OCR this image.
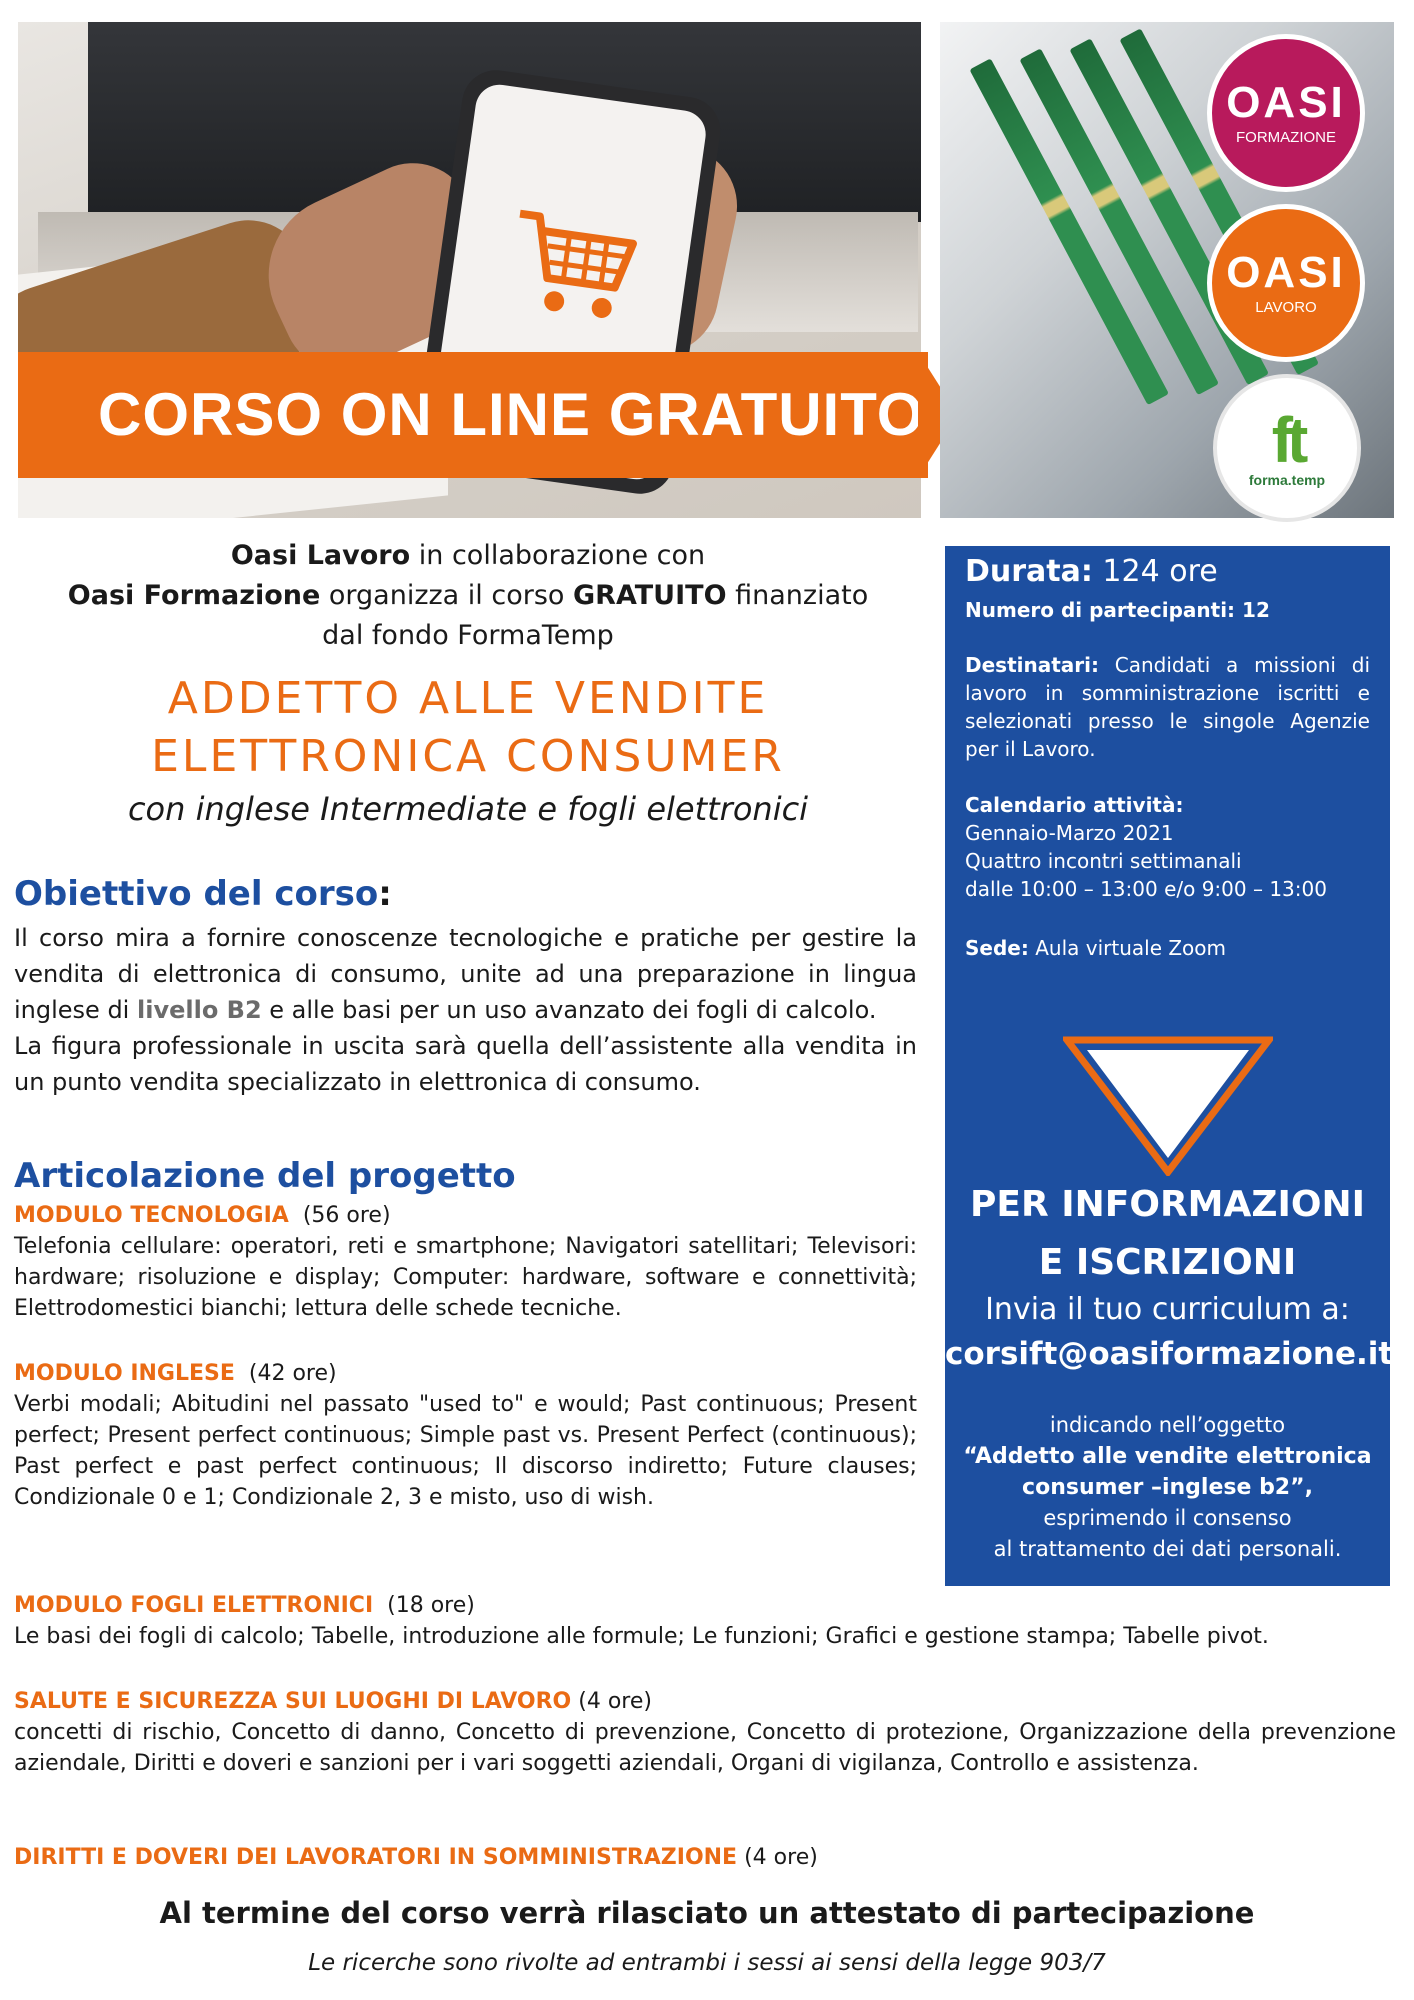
CORSO ON LINE GRATUITO
OASI
FORMAZIONE
OASI
LAVORO
ft
forma.temp
Oasi Lavoro in collaborazione con
Oasi Formazione organizza il corso GRATUITO finanziato
dal fondo FormaTemp
ADDETTO ALLE VENDITE
ELETTRONICA CONSUMER
con inglese Intermediate e fogli elettronici
Obiettivo del corso:
Il corso mira a fornire conoscenze tecnologiche e pratiche per gestire la vendita di elettronica di consumo, unite ad una preparazione in lingua inglese di livello B2 e alle basi per un uso avanzato dei fogli di calcolo.
La figura professionale in uscita sarà quella dell’assistente alla vendita in un punto vendita specializzato in elettronica di consumo.
Articolazione del progetto
MODULO TECNOLOGIA (56 ore)
Telefonia cellulare: operatori, reti e smartphone; Navigatori satellitari; Televisori: hardware; risoluzione e display; Computer: hardware, software e connettività; Elettrodomestici bianchi; lettura delle schede tecniche.
MODULO INGLESE (42 ore)
Verbi modali; Abitudini nel passato "used to" e would; Past continuous; Present perfect; Present perfect continuous; Simple past vs. Present Perfect (continuous); Past perfect e past perfect continuous; Il discorso indiretto; Future clauses; Condizionale 0 e 1; Condizionale 2, 3 e misto, uso di wish.
MODULO FOGLI ELETTRONICI (18 ore)
Le basi dei fogli di calcolo; Tabelle, introduzione alle formule; Le funzioni; Grafici e gestione stampa; Tabelle pivot.
SALUTE E SICUREZZA SUI LUOGHI DI LAVORO (4 ore)
concetti di rischio, Concetto di danno, Concetto di prevenzione, Concetto di protezione, Organizzazione della prevenzione aziendale, Diritti e doveri e sanzioni per i vari soggetti aziendali, Organi di vigilanza, Controllo e assistenza.
DIRITTI E DOVERI DEI LAVORATORI IN SOMMINISTRAZIONE (4 ore)
Durata: 124 ore
Numero di partecipanti: 12
Destinatari: Candidati a missioni di lavoro in somministrazione iscritti e selezionati presso le singole Agenzie per il Lavoro.
Calendario attività:
Gennaio-Marzo 2021
Quattro incontri settimanali
dalle 10:00 – 13:00 e/o 9:00 – 13:00
Sede: Aula virtuale Zoom
PER INFORMAZIONI
E ISCRIZIONI
Invia il tuo curriculum a:
corsift@oasiformazione.it
indicando nell’oggetto
“Addetto alle vendite elettronica
consumer –inglese b2”,
esprimendo il consenso
al trattamento dei dati personali.
Al termine del corso verrà rilasciato un attestato di partecipazione
Le ricerche sono rivolte ad entrambi i sessi ai sensi della legge 903/7
